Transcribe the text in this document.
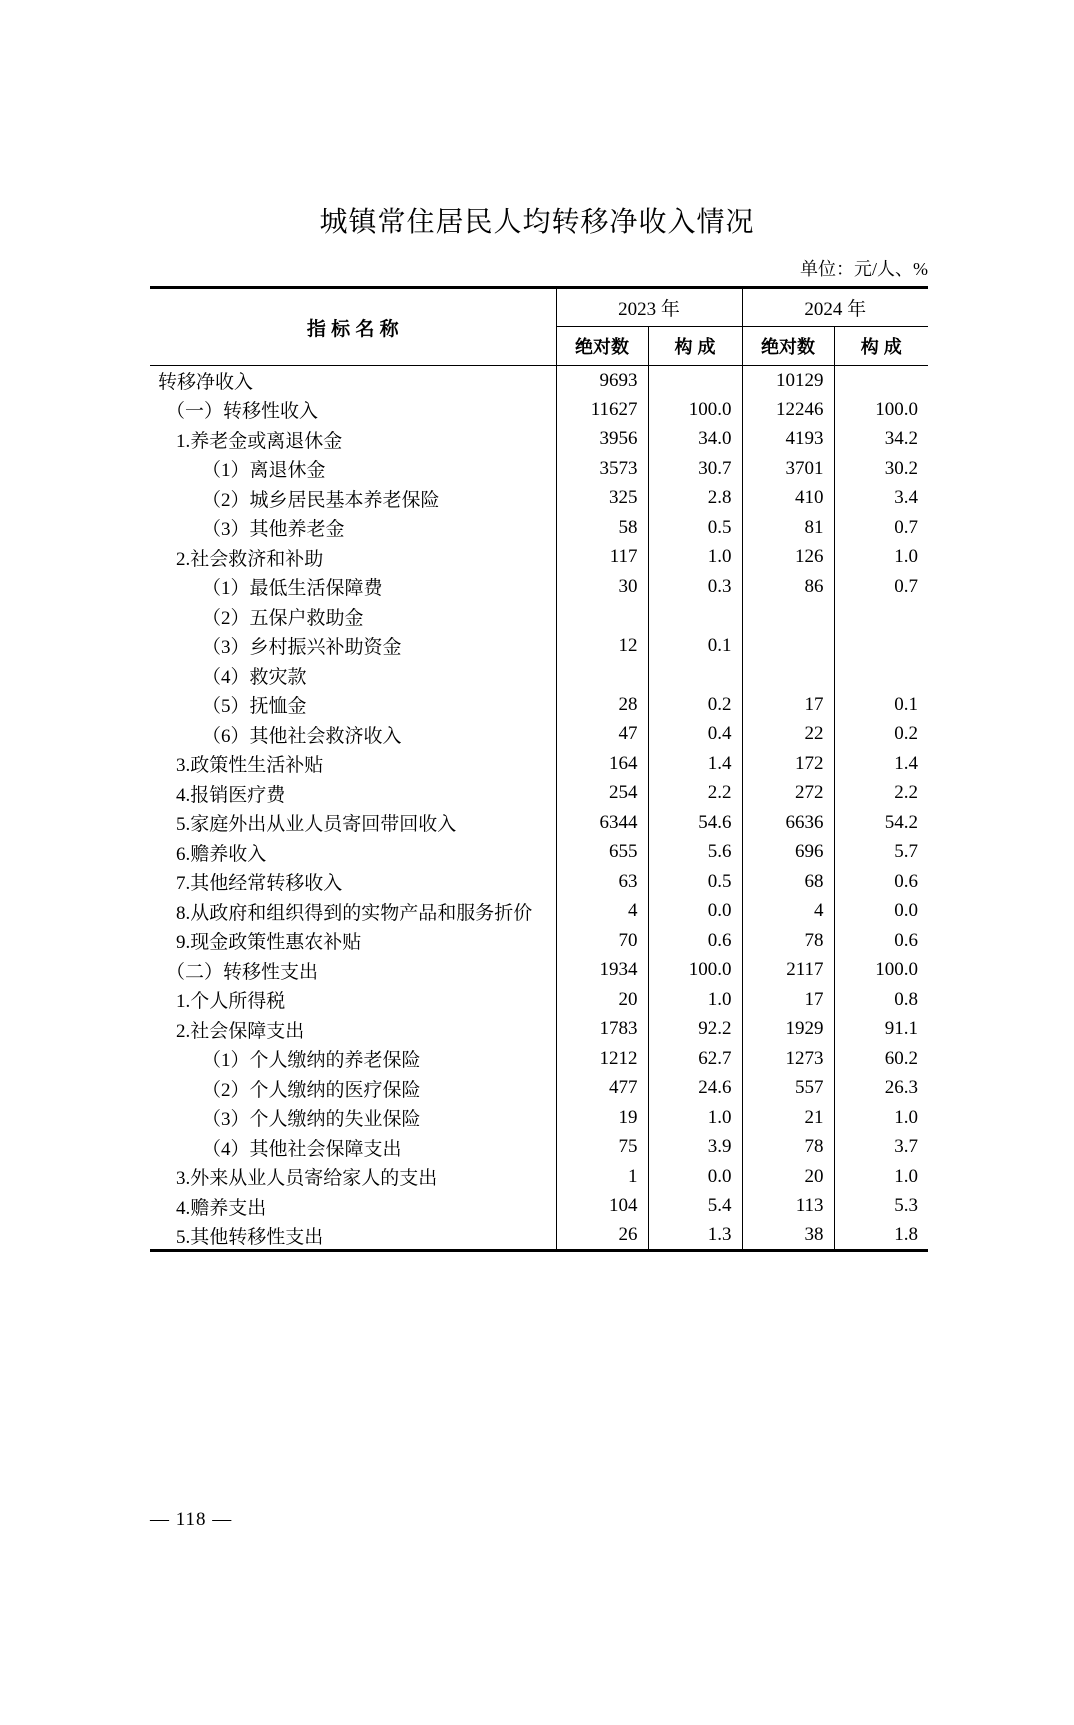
城镇常住居民人均转移净收入情况
单位：元/人、%
指 标 名 称	2023 年		2024 年	
	绝对数	构 成	绝对数	构 成
转移净收入	9693		10129	
（一）转移性收入	11627	100.0	12246	100.0
1.养老金或离退休金	3956	34.0	4193	34.2
（1）离退休金	3573	30.7	3701	30.2
（2）城乡居民基本养老保险	325	2.8	410	3.4
（3）其他养老金	58	0.5	81	0.7
2.社会救济和补助	117	1.0	126	1.0
（1）最低生活保障费	30	0.3	86	0.7
（2）五保户救助金				
（3）乡村振兴补助资金	12	0.1		
（4）救灾款				
（5）抚恤金	28	0.2	17	0.1
（6）其他社会救济收入	47	0.4	22	0.2
3.政策性生活补贴	164	1.4	172	1.4
4.报销医疗费	254	2.2	272	2.2
5.家庭外出从业人员寄回带回收入	6344	54.6	6636	54.2
6.赡养收入	655	5.6	696	5.7
7.其他经常转移收入	63	0.5	68	0.6
8.从政府和组织得到的实物产品和服务折价	4	0.0	4	0.0
9.现金政策性惠农补贴	70	0.6	78	0.6
（二）转移性支出	1934	100.0	2117	100.0
1.个人所得税	20	1.0	17	0.8
2.社会保障支出	1783	92.2	1929	91.1
（1）个人缴纳的养老保险	1212	62.7	1273	60.2
（2）个人缴纳的医疗保险	477	24.6	557	26.3
（3）个人缴纳的失业保险	19	1.0	21	1.0
（4）其他社会保障支出	75	3.9	78	3.7
3.外来从业人员寄给家人的支出	1	0.0	20	1.0
4.赡养支出	104	5.4	113	5.3
5.其他转移性支出	26	1.3	38	1.8
— 118 —
